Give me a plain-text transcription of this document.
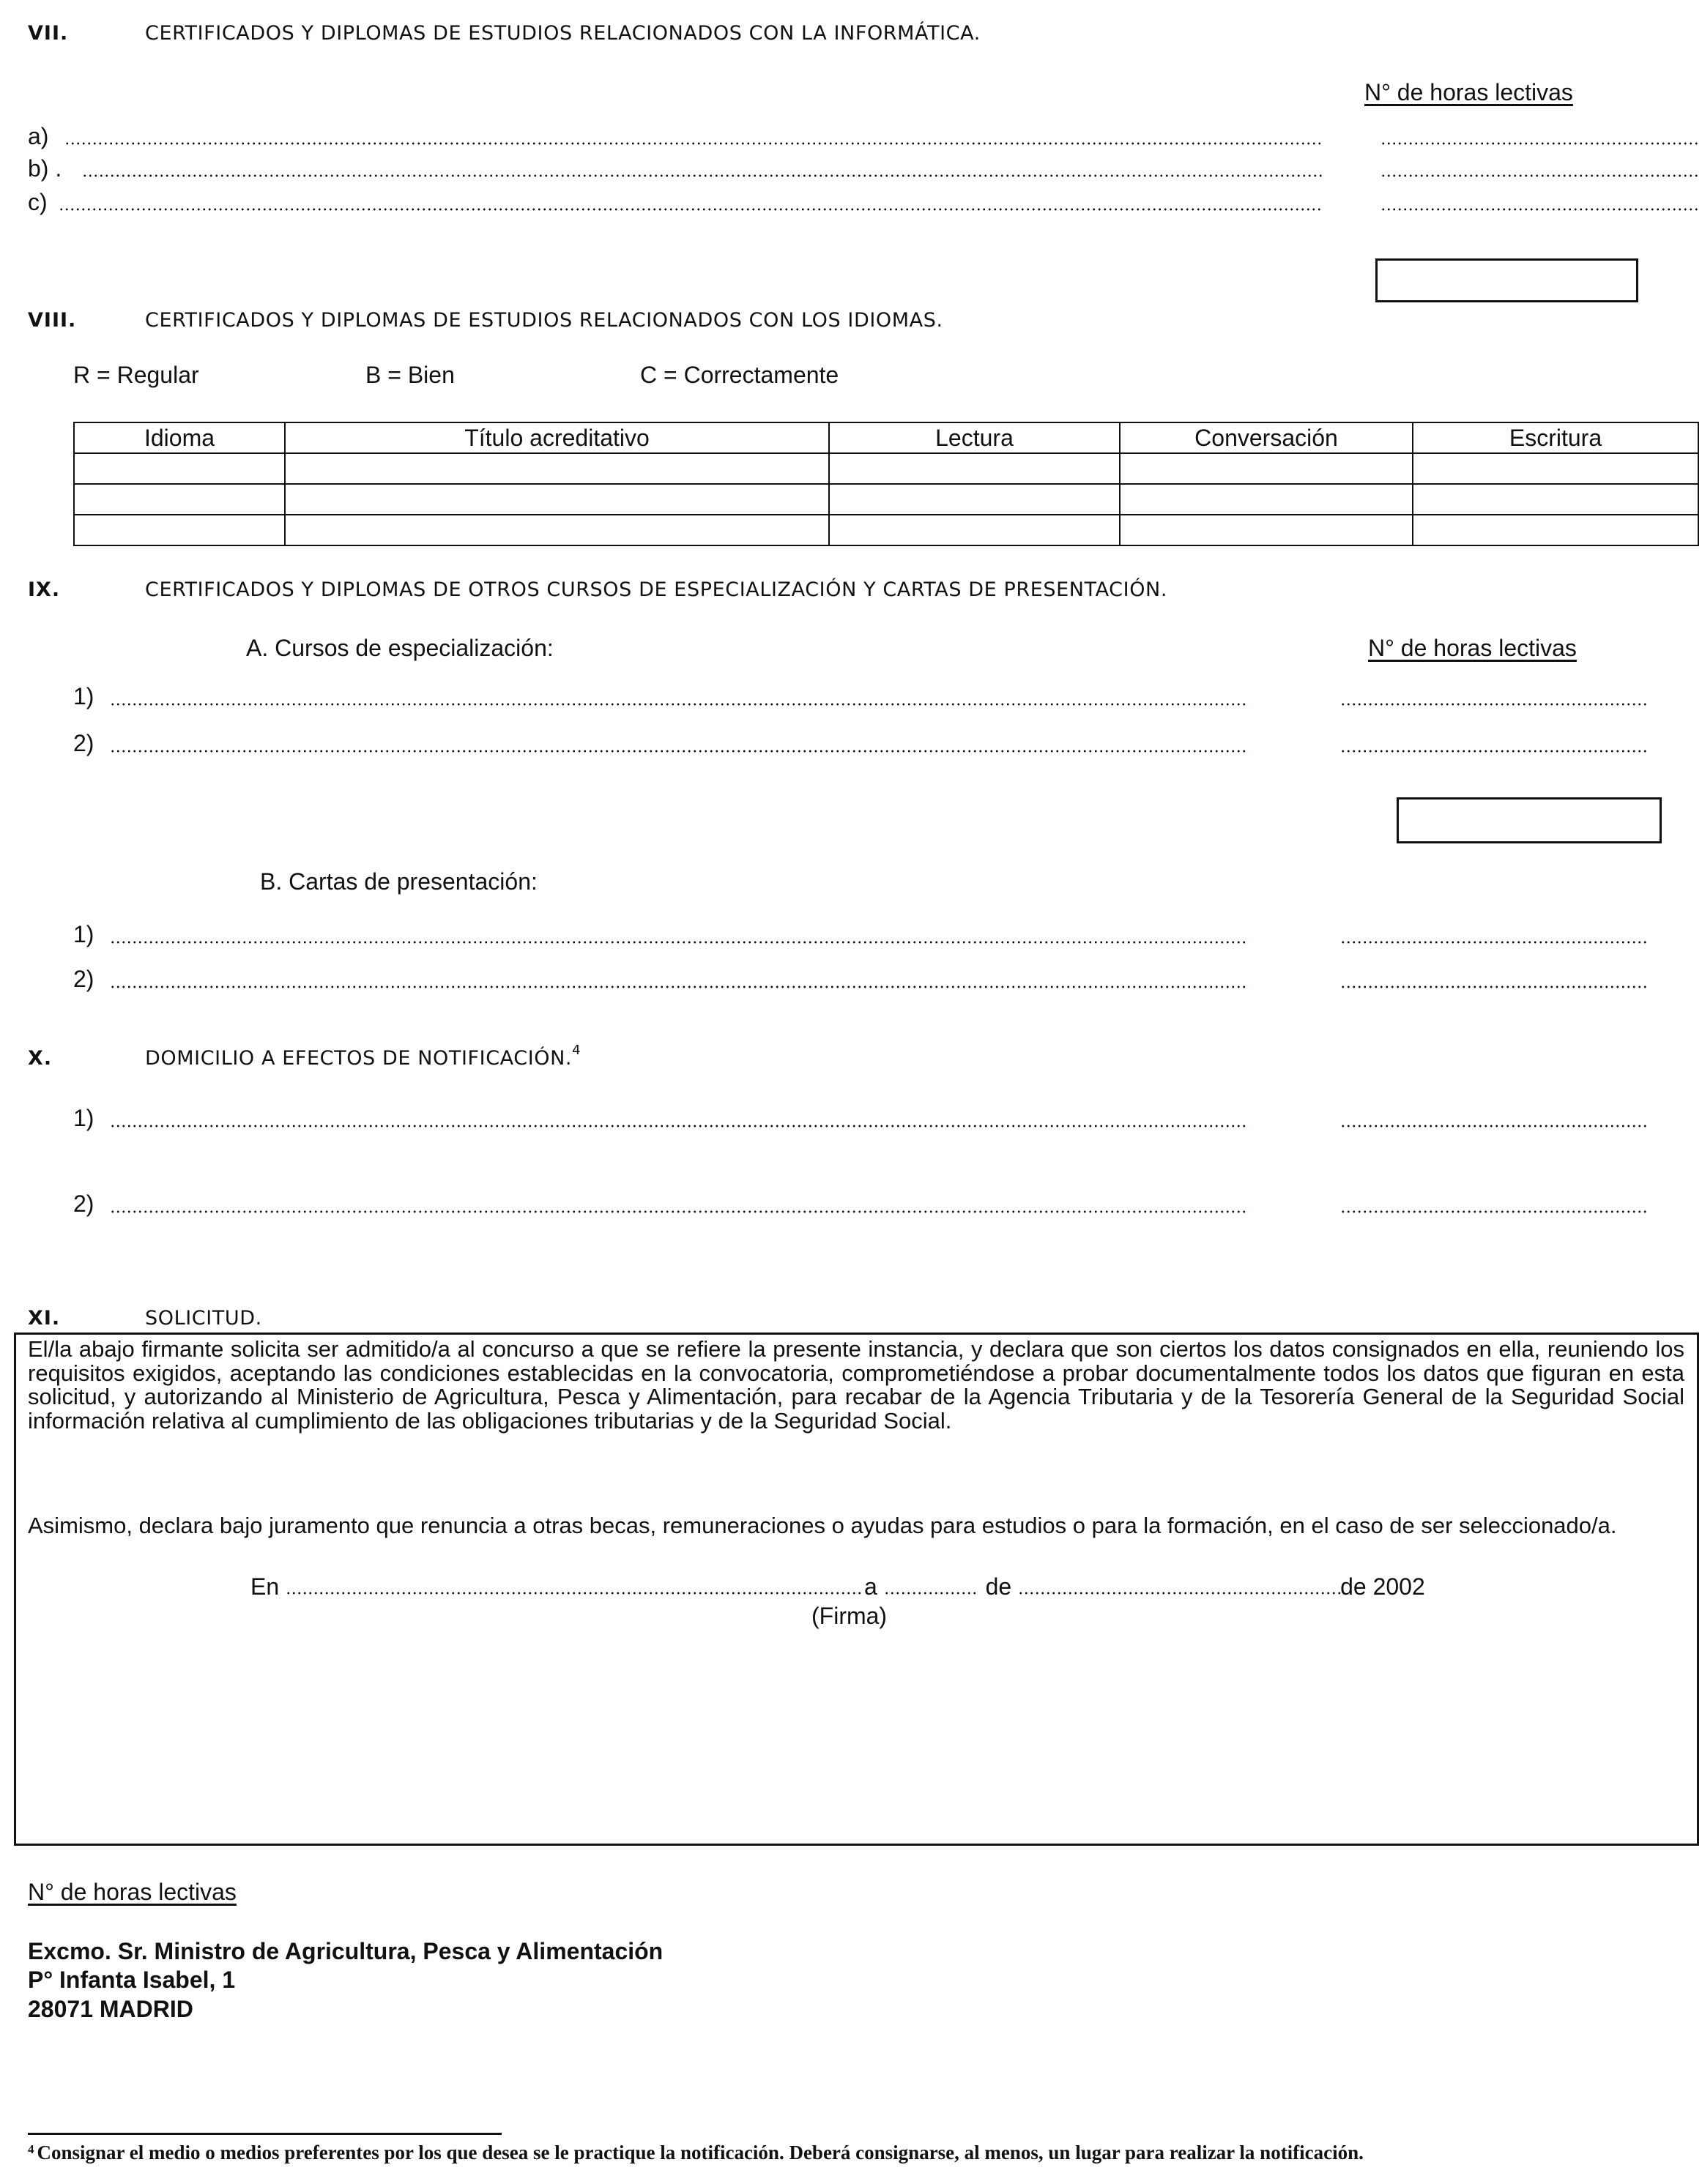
VII.	CERTIFICADOS Y DIPLOMAS DE ESTUDIOS RELACIONADOS CON LA INFORMÁTICA.
N° de horas lectivas
a)
b) .
c)
VIII.	CERTIFICADOS Y DIPLOMAS DE ESTUDIOS RELACIONADOS CON LOS IDIOMAS.
R = Regular	B = Bien	C = Correctamente
Idioma	Título acreditativo	Lectura	Conversación	Escritura

IX.	CERTIFICADOS Y DIPLOMAS DE OTROS CURSOS DE ESPECIALIZACIÓN Y CARTAS DE PRESENTACIÓN.
A. Cursos de especialización:	N° de horas lectivas
1)
2)
B. Cartas de presentación:
1)
2)
X.	DOMICILIO A EFECTOS DE NOTIFICACIÓN.$^4$
1)
2)
XI.	SOLICITUD.
El/la abajo firmante solicita ser admitido/a al concurso a que se refiere la presente instancia, y declara que son ciertos los datos consignados en ella, reuniendo los requisitos exigidos, aceptando las condiciones establecidas en la convocatoria, comprometiéndose a probar documentalmente todos los datos que figuran en esta solicitud, y autorizando al Ministerio de Agricultura, Pesca y Alimentación, para recabar de la Agencia Tributaria y de la Tesorería General de la Seguridad Social información relativa al cumplimiento de las obligaciones tributarias y de la Seguridad Social.
Asimismo, declara bajo juramento que renuncia a otras becas, remuneraciones o ayudas para estudios o para la formación, en el caso de ser seleccionado/a.
En	a	de	de 2002
(Firma)
N° de horas lectivas
Excmo. Sr. Ministro de Agricultura, Pesca y Alimentación
P° Infanta Isabel, 1
28071 MADRID
$^4$ Consignar el medio o medios preferentes por los que desea se le practique la notificación. Deberá consignarse, al menos, un lugar para realizar la notificación.
